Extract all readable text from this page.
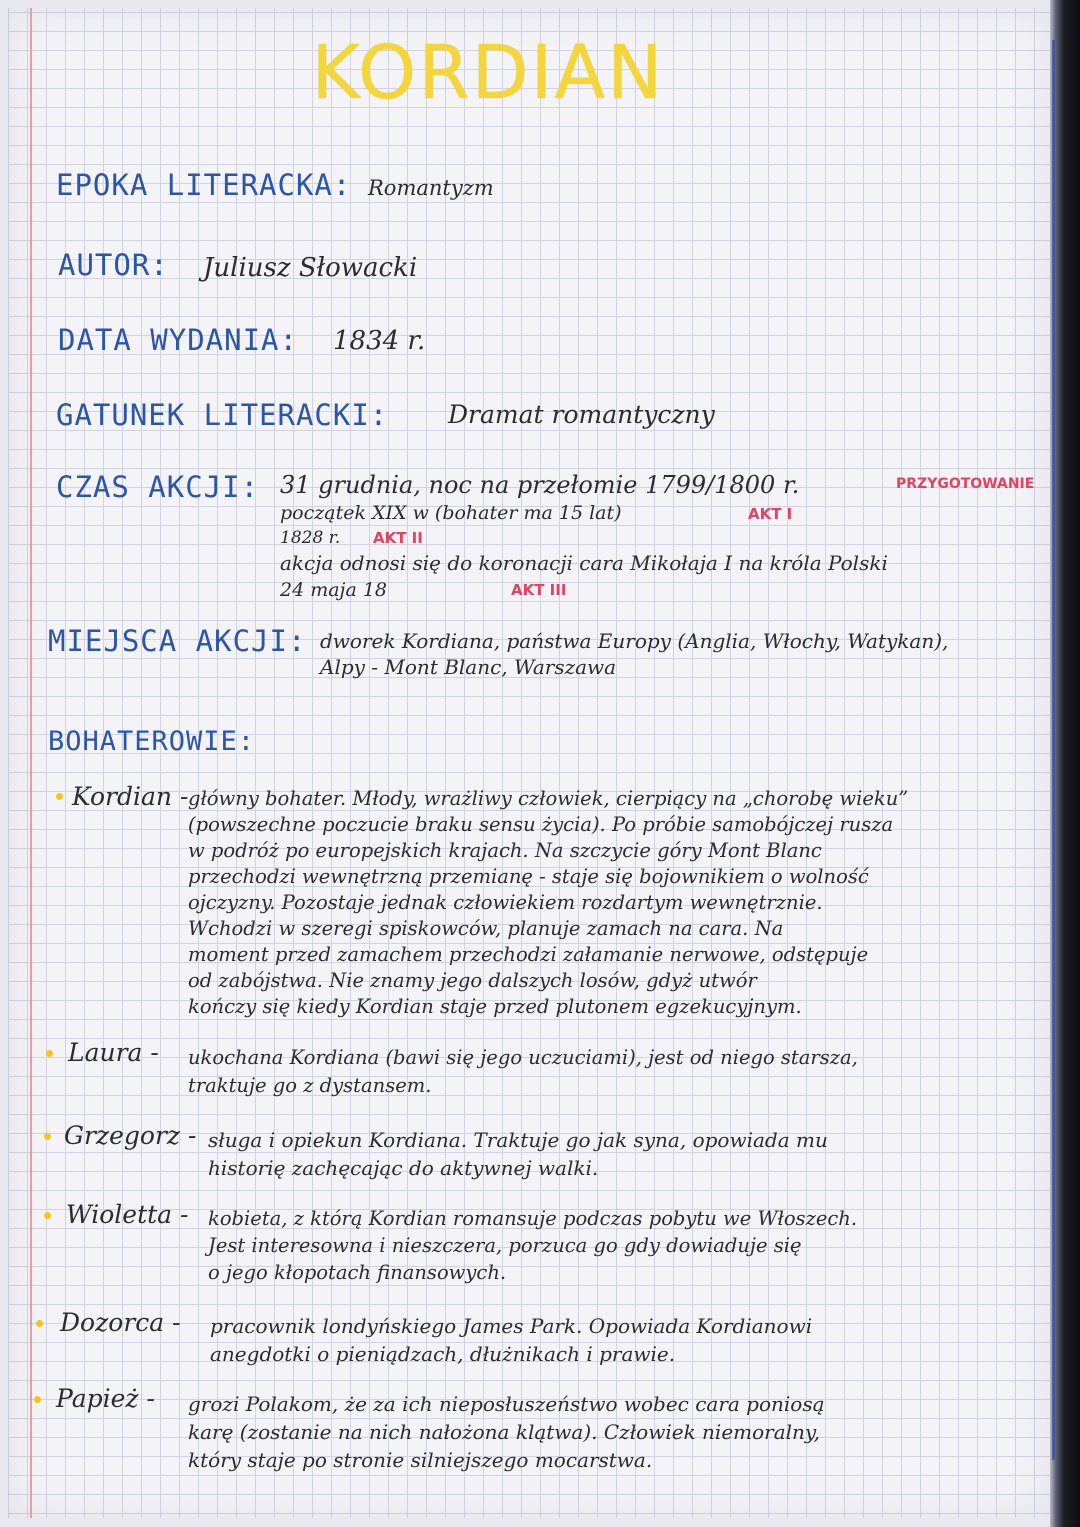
KORDIAN
EPOKA LITERACKA: Romantyzm
AUTOR: Juliusz Słowacki
DATA WYDANIA: 1834 r.
GATUNEK LITERACKI: Dramat romantyczny
CZAS AKCJI: 31 grudnia, noc na przełomie 1799/1800 r.	PRZYGOTOWANIE
początek XIX w (bohater ma 15 lat)	AKT I
1828 r. AKT II
akcja odnosi się do koronacji cara Mikołaja I na króla Polski
24 maja 18	AKT III
MIEJSCA AKCJI: dworek Kordiana, państwa Europy (Anglia, Włochy, Watykan),
Alpy - Mont Blanc, Warszawa
BOHATEROWIE:
Kordian - główny bohater. Młody, wrażliwy człowiek, cierpiący na „chorobę wieku”
(powszechne poczucie braku sensu życia). Po próbie samobójczej rusza
w podróż po europejskich krajach. Na szczycie góry Mont Blanc
przechodzi wewnętrzną przemianę - staje się bojownikiem o wolność
ojczyzny. Pozostaje jednak człowiekiem rozdartym wewnętrznie.
Wchodzi w szeregi spiskowców, planuje zamach na cara. Na
moment przed zamachem przechodzi załamanie nerwowe, odstępuje
od zabójstwa. Nie znamy jego dalszych losów, gdyż utwór
kończy się kiedy Kordian staje przed plutonem egzekucyjnym.
Laura - ukochana Kordiana (bawi się jego uczuciami), jest od niego starsza,
traktuje go z dystansem.
Grzegorz - sługa i opiekun Kordiana. Traktuje go jak syna, opowiada mu
historię zachęcając do aktywnej walki.
Wioletta - kobieta, z którą Kordian romansuje podczas pobytu we Włoszech.
Jest interesowna i nieszczera, porzuca go gdy dowiaduje się
o jego kłopotach finansowych.
Dozorca - pracownik londyńskiego James Park. Opowiada Kordianowi
anegdotki o pieniądzach, dłużnikach i prawie.
Papież - grozi Polakom, że za ich nieposłuszeństwo wobec cara poniosą
karę (zostanie na nich nałożona klątwa). Człowiek niemoralny,
który staje po stronie silniejszego mocarstwa.
